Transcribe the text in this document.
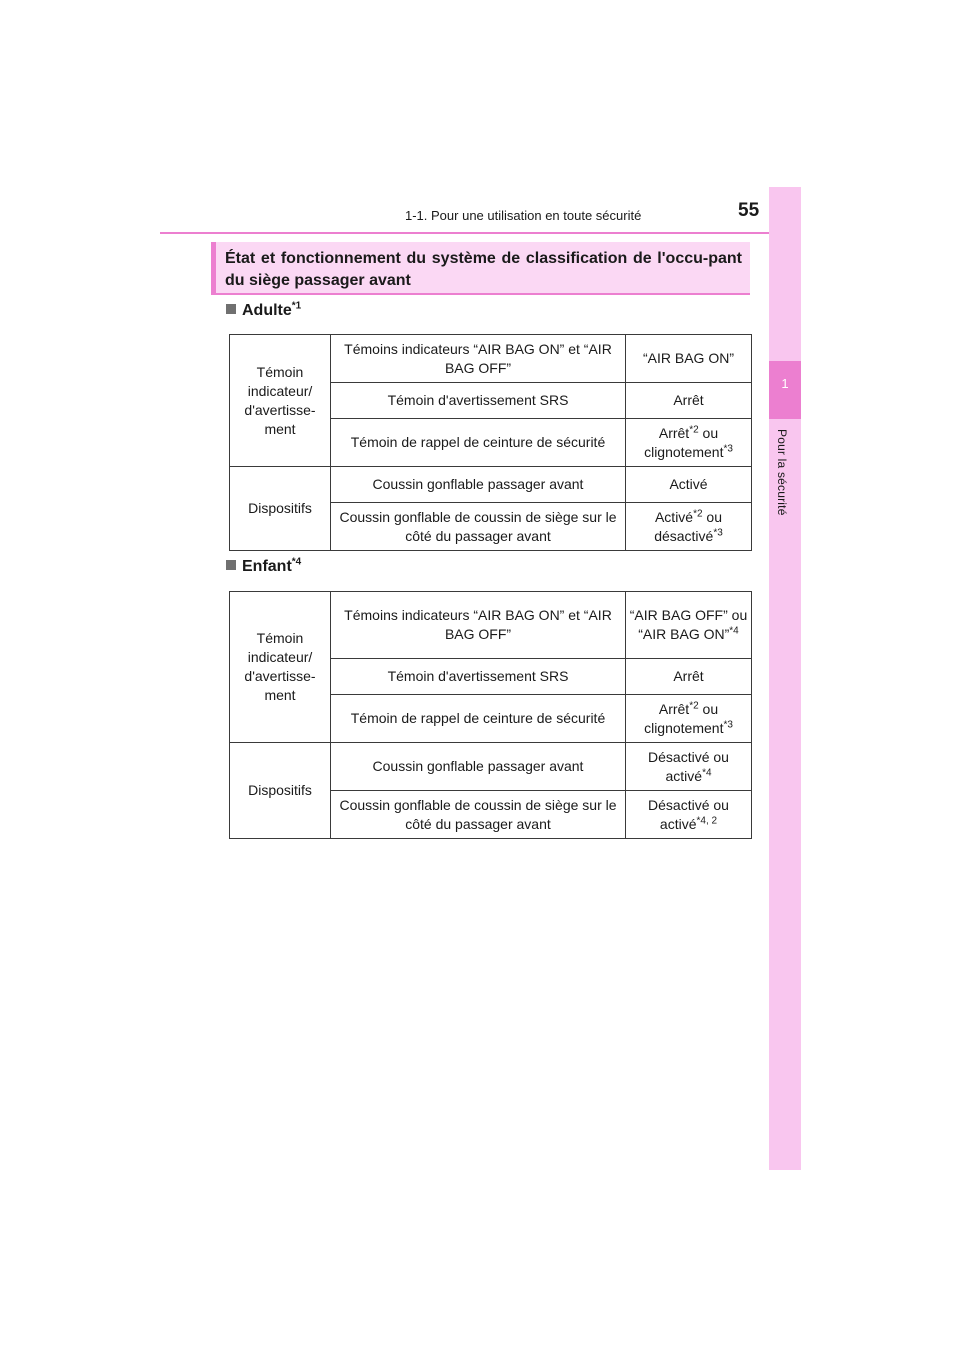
1-1. Pour une utilisation en toute sécurité	55
1
Pour la sécurité
État et fonctionnement du système de classification de l'occu-pant du siège passager avant
Adulte$^{*1}$
Témoin indicateur/ d'avertisse- ment	Témoins indicateurs “AIR BAG ON” et “AIR BAG OFF”	“AIR BAG ON”
	Témoin d'avertissement SRS	Arrêt
	Témoin de rappel de ceinture de sécurité	Arrêt$^{*2}$ ou clignotement$^{*3}$
Dispositifs	Coussin gonflable passager avant	Activé
	Coussin gonflable de coussin de siège sur le côté du passager avant	Activé$^{*2}$ ou désactivé$^{*3}$
Enfant$^{*4}$
Témoin indicateur/ d'avertisse- ment	Témoins indicateurs “AIR BAG ON” et “AIR BAG OFF”	“AIR BAG OFF” ou “AIR BAG ON”$^{*4}$
	Témoin d'avertissement SRS	Arrêt
	Témoin de rappel de ceinture de sécurité	Arrêt$^{*2}$ ou clignotement$^{*3}$
Dispositifs	Coussin gonflable passager avant	Désactivé ou activé$^{*4}$
	Coussin gonflable de coussin de siège sur le côté du passager avant	Désactivé ou activé$^{*4, 2}$
